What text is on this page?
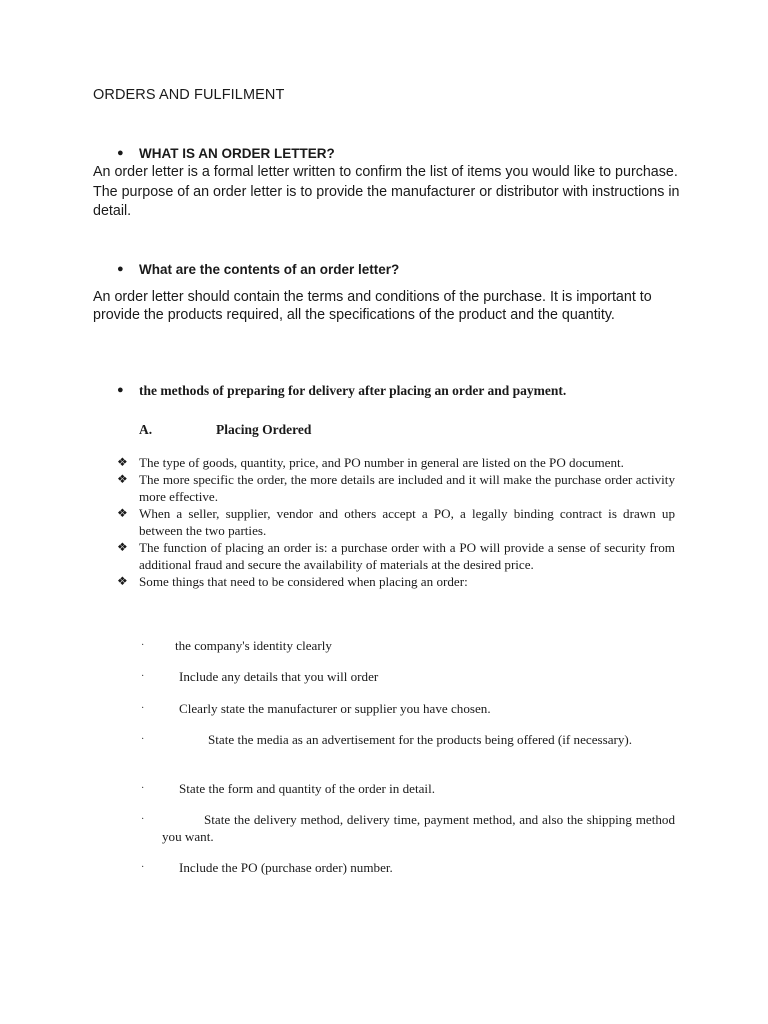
ORDERS AND FULFILMENT
● WHAT IS AN ORDER LETTER?
An order letter is a formal letter written to confirm the list of items you would like to purchase. The purpose of an order letter is to provide the manufacturer or distributor with instructions in detail.
● What are the contents of an order letter?
An order letter should contain the terms and conditions of the purchase. It is important to provide the products required, all the specifications of the product and the quantity.
● the methods of preparing for delivery after placing an order and payment.
A.	Placing Ordered
❖ The type of goods, quantity, price, and PO number in general are listed on the PO document.
❖ The more specific the order, the more details are included and it will make the purchase order activity more effective.
❖ When a seller, supplier, vendor and others accept a PO, a legally binding contract is drawn up between the two parties.
❖ The function of placing an order is: a purchase order with a PO will provide a sense of security from additional fraud and secure the availability of materials at the desired price.
❖ Some things that need to be considered when placing an order:
· the company's identity clearly
·	Include any details that you will order
·	Clearly state the manufacturer or supplier you have chosen.
·	State the media as an advertisement for the products being offered (if necessary).
·	State the form and quantity of the order in detail.
·	State the delivery method, delivery time, payment method, and also the shipping method you want.
·	Include the PO (purchase order) number.
